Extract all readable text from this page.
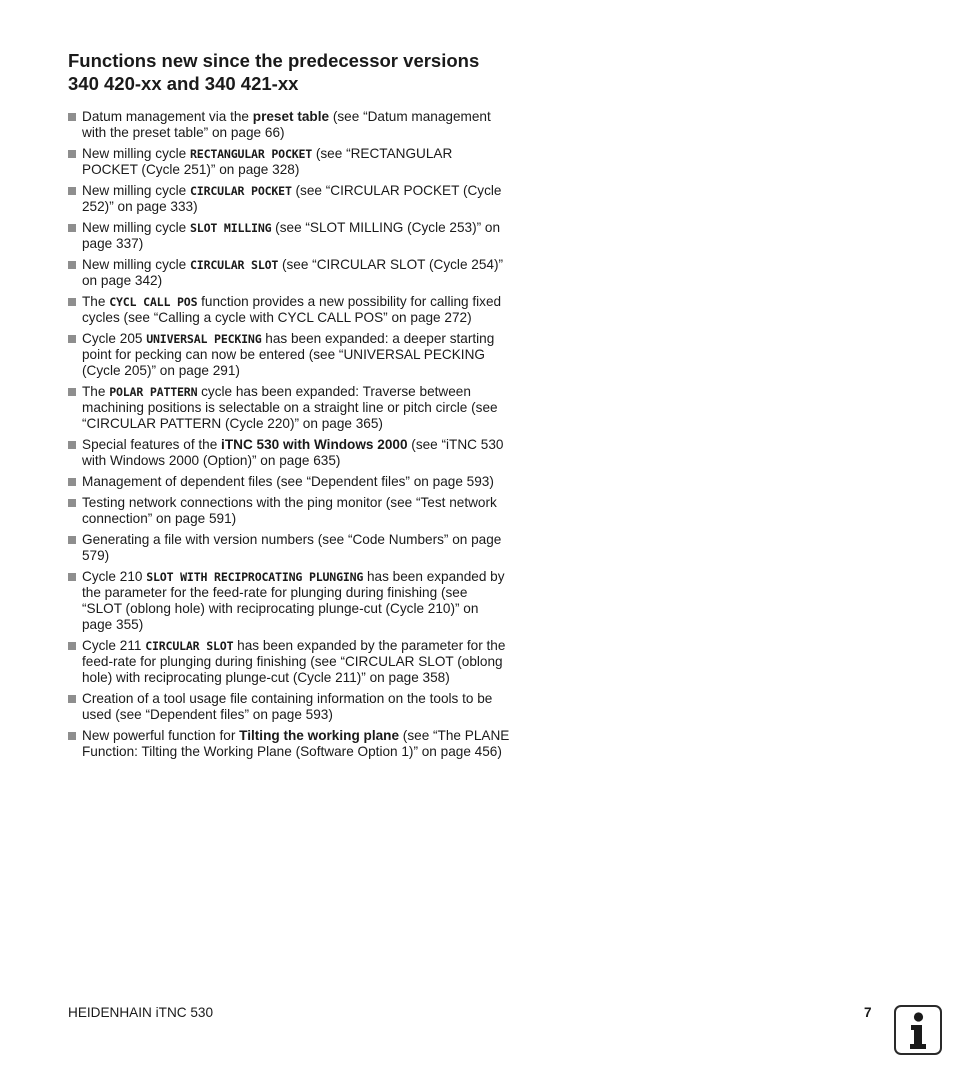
Functions new since the predecessor versions
340 420-xx and 340 421-xx
Datum management via the preset table (see “Datum management with the preset table” on page 66)
New milling cycle RECTANGULAR POCKET (see “RECTANGULAR POCKET (Cycle 251)” on page 328)
New milling cycle CIRCULAR POCKET (see “CIRCULAR POCKET (Cycle 252)” on page 333)
New milling cycle SLOT MILLING (see “SLOT MILLING (Cycle 253)” on page 337)
New milling cycle CIRCULAR SLOT (see “CIRCULAR SLOT (Cycle 254)” on page 342)
The CYCL CALL POS function provides a new possibility for calling fixed cycles (see “Calling a cycle with CYCL CALL POS” on page 272)
Cycle 205 UNIVERSAL PECKING has been expanded: a deeper starting point for pecking can now be entered (see “UNIVERSAL PECKING (Cycle 205)” on page 291)
The POLAR PATTERN cycle has been expanded: Traverse between machining positions is selectable on a straight line or pitch circle (see “CIRCULAR PATTERN (Cycle 220)” on page 365)
Special features of the iTNC 530 with Windows 2000 (see “iTNC 530 with Windows 2000 (Option)” on page 635)
Management of dependent files (see “Dependent files” on page 593)
Testing network connections with the ping monitor (see “Test network connection” on page 591)
Generating a file with version numbers (see “Code Numbers” on page 579)
Cycle 210 SLOT WITH RECIPROCATING PLUNGING has been expanded by the parameter for the feed-rate for plunging during finishing (see “SLOT (oblong hole) with reciprocating plunge-cut (Cycle 210)” on page 355)
Cycle 211 CIRCULAR SLOT has been expanded by the parameter for the feed-rate for plunging during finishing (see “CIRCULAR SLOT (oblong hole) with reciprocating plunge-cut (Cycle 211)” on page 358)
Creation of a tool usage file containing information on the tools to be used (see “Dependent files” on page 593)
New powerful function for Tilting the working plane (see “The PLANE Function: Tilting the Working Plane (Software Option 1)” on page 456)
HEIDENHAIN iTNC 530	7
